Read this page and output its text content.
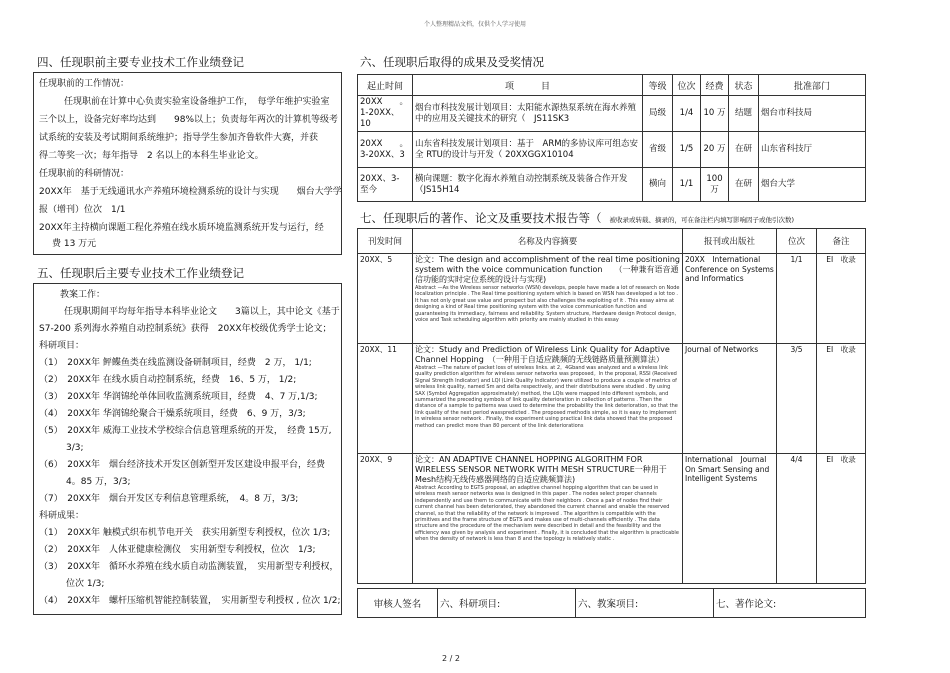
个人整理精品文档，仅供个人学习使用
四、任现职前主要专业技术工作业绩登记
任现职前的工作情况：
任现职前在计算中心负责实验室设备维护工作，　每学年维护实验室
三个以上，设备完好率均达到　　98%以上；负责每年两次的计算机等级考
试系统的安装及考试期间系统维护；指导学生参加齐鲁软件大赛，并获
得二等奖一次；每年指导　2 名以上的本科生毕业论文。
任现职前的科研情况：
20XX年　基于无线通讯水产养殖环境检测系统的设计与实现　　烟台大学学
报（增刊）位次　1/1
20XX年主持横向课题工程化养殖在线水质环境监测系统开发与运行，经
费 13 万元
五、任现职后主要专业技术工作业绩登记
教案工作：
任现职期间平均每年指导本科毕业论文　　3篇以上，其中论文《基于
S7-200 系列海水养殖自动控制系统》获得　20XX年校级优秀学士论文；
科研项目：
（1）　20XX年 鲆鲽鱼类在线监测设备研制项目，经费　2 万， 1/1;
（2）　20XX年 在线水质自动控制系统，经费　16、5 万， 1/2;
（3）　20XX年 华润锦纶单体回收监测系统项目，经费　4、7 万,1/3;
（4）　20XX年 华润锦纶聚合干燥系统项目，经费　6、9 万，3/3;
（5）　20XX年 威海工业技术学校综合信息管理系统的开发，　经费 15万,
　　　3/3;
（6）　20XX年　烟台经济技术开发区创新型开发区建设申报平台，经费
　　　4。85 万，3/3;
（7）　20XX年　烟台开发区专利信息管理系统，　4。8 万，3/3;
科研成果：
（1）　20XX年 触模式织布机节电开关　获实用新型专利授权，位次 1/3;
（2）　20XX年　人体亚健康检测仪　实用新型专利授权，位次　1/3;
（3）　20XX年　循环水养殖在线水质自动监测装置，　实用新型专利授权，
　　　位次 1/3;
（4）　20XX年　螺杆压缩机智能控制装置，　实用新型专利授权 , 位次 1/2;
六、任现职后取得的成果及受奖情况
起止时间	项　　　目	等级	位次	经费	状态	批准部门
20XX　　。1-20XX、10	烟台市科技发展计划项目：太阳能水源热泵系统在海水养殖中的应用及关键技术的研究（　JS11SK3	局级	1/4	10 万	结题	烟台市科技局
20XX　　。3-20XX、3	山东省科技发展计划项目：基于　ARM的多协议库可组态安全 RTU的设计与开发（ 20XXGGX10104	省级	1/5	20 万	在研	山东省科技厅
20XX、3- 至今	横向课题：数字化海水养殖自动控制系统及装备合作开发（JS15H14	横向	1/1	100 万	在研	烟台大学
七、任现职后的著作、论文及重要技术报告等（ 被收录或转载、摘录的，可在备注栏内填写影响因子或他引次数)
刊发时间	名称及内容摘要	报刊或出版社	位次	备注
20XX、5	论文：The design and accomplishment of the real time positioning system with the voice communication function　　（一种兼有语音通信功能的实时定位系统的设计与实现)
Abstract —As the Wireless sensor networks (WSN) develops, people have made a lot of research on Node localization principle . The Real time positioning system which is based on WSN has developed a lot too . It has not only great use value and prospect but also challenges the exploiting of it . This essay aims at designing a kind of Real time positioning system with the voice communication function and guaranteeing its immediacy, fairness and reliability. System structure, Hardware design Protocol design, voice and Task scheduling algorithm with priority are mainly studied in this essay	20XX　International Conference on Systems and Informatics	1/1	EI　收录
20XX、11	论文：Study and Prediction of Wireless Link Quality for Adaptive Channel Hopping　（一种用于自适应跳频的无线链路质量预测算法）
Abstract —The nature of packet loss of wireless links. at 2。4Gband was analyzed and a wireless link quality prediction algorithm for wireless sensor networks was proposed。In the proposal, RSSI (Received Signal Strength Indicator) and LQI (Link Quality Indicator) were utilized to produce a couple of metrics of wireless link quality, named Sm and delta respectively, and their distributions were studied . By using SAX (Symbol Aggregation approximately) method, the LQIs were mapped into different symbols, and summarized the preceding symbols of link quality deterioration in collection of patterns . Then the distance of a sample to patterns was used to determine the probability the link deterioration, so that the link quality of the next period wasspredicted . The proposed methodis simple, so it is easy to implement in wireless sensor network . Finally, the experiment using practical link data showed that the proposed method can predict more than 80 percent of the link deteriorations	Journal of Networks	3/5	EI　收录
20XX、9	论文：AN ADAPTIVE CHANNEL HOPPING ALGORITHM FOR WIRELESS SENSOR NETWORK WITH MESH STRUCTURE一种用于　Mesh结构无线传感器网络的自适应跳频算法)
Abstract According to EGTS proposal, an adaptive channel hopping algorithm that can be used in wireless mesh sensor networks was is designed in this paper . The nodes select proper channels independently and use them to communicate with their neighbors . Once a pair of nodes find their current channel has been deteriorated, they abandoned the current channel and enable the reserved channel, so that the reliability of the network is improved . The algorithm is compatible with the primitives and the frame structure of EGTS and makes use of multi-channels efficiently . The data structure and the procedure of the mechanism were described in detail and the feasibility and the efficiency was given by analysis and experiment . Finally, it is concluded that the algorithm is practicable when the density of network is less than 8 and the topology is relatively static .	International　Journal On Smart Sensing and Intelligent Systems	4/4	EI　收录
审核人签名	六、科研项目:	六、教案项目:	七、著作论文:
2 / 2
